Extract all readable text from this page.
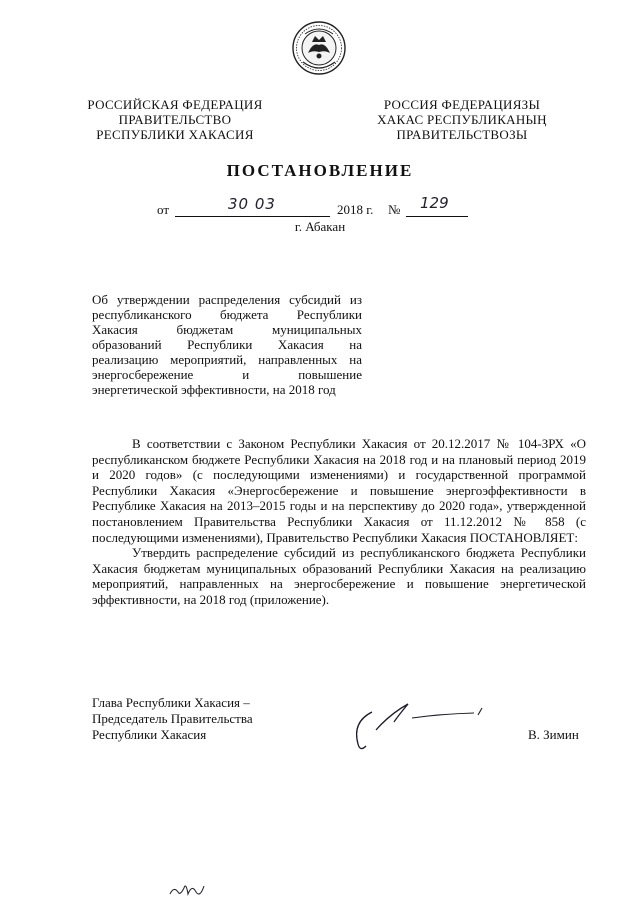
РОССИЙСКАЯ ФЕДЕРАЦИЯ
ПРАВИТЕЛЬСТВО
РЕСПУБЛИКИ ХАКАСИЯ
РОССИЯ ФЕДЕРАЦИЯЗЫ
ХАКАС РЕСПУБЛИКАНЫҢ
ПРАВИТЕЛЬСТВОЗЫ
ПОСТАНОВЛЕНИЕ
от	30 03	2018 г. № 129
г. Абакан
Об утверждении распределения субсидий из
республиканского бюджета Республики
Хакасия бюджетам муниципальных
образований Республики Хакасия на
реализацию мероприятий, направленных на
энергосбережение и повышение
энергетической эффективности, на 2018 год

В соответствии с Законом Республики Хакасия от 20.12.2017 № 104-ЗРХ «О республиканском бюджете Республики Хакасия на 2018 год и на плановый период 2019 и 2020 годов» (с последующими изменениями) и государственной программой Республики Хакасия «Энергосбережение и повышение энергоэффективности в Республике Хакасия на 2013–2015 годы и на перспективу до 2020 года», утвержденной постановлением Правительства Республики Хакасия от 11.12.2012 № 858 (с последующими изменениями), Правительство Республики Хакасия ПОСТАНОВЛЯЕТ:

Утвердить распределение субсидий из республиканского бюджета Республики Хакасия бюджетам муниципальных образований Республики Хакасия на реализацию мероприятий, направленных на энергосбережение и повышение энергетической эффективности, на 2018 год (приложение).

Глава Республики Хакасия –
Председатель Правительства
Республики Хакасия	В. Зимин
